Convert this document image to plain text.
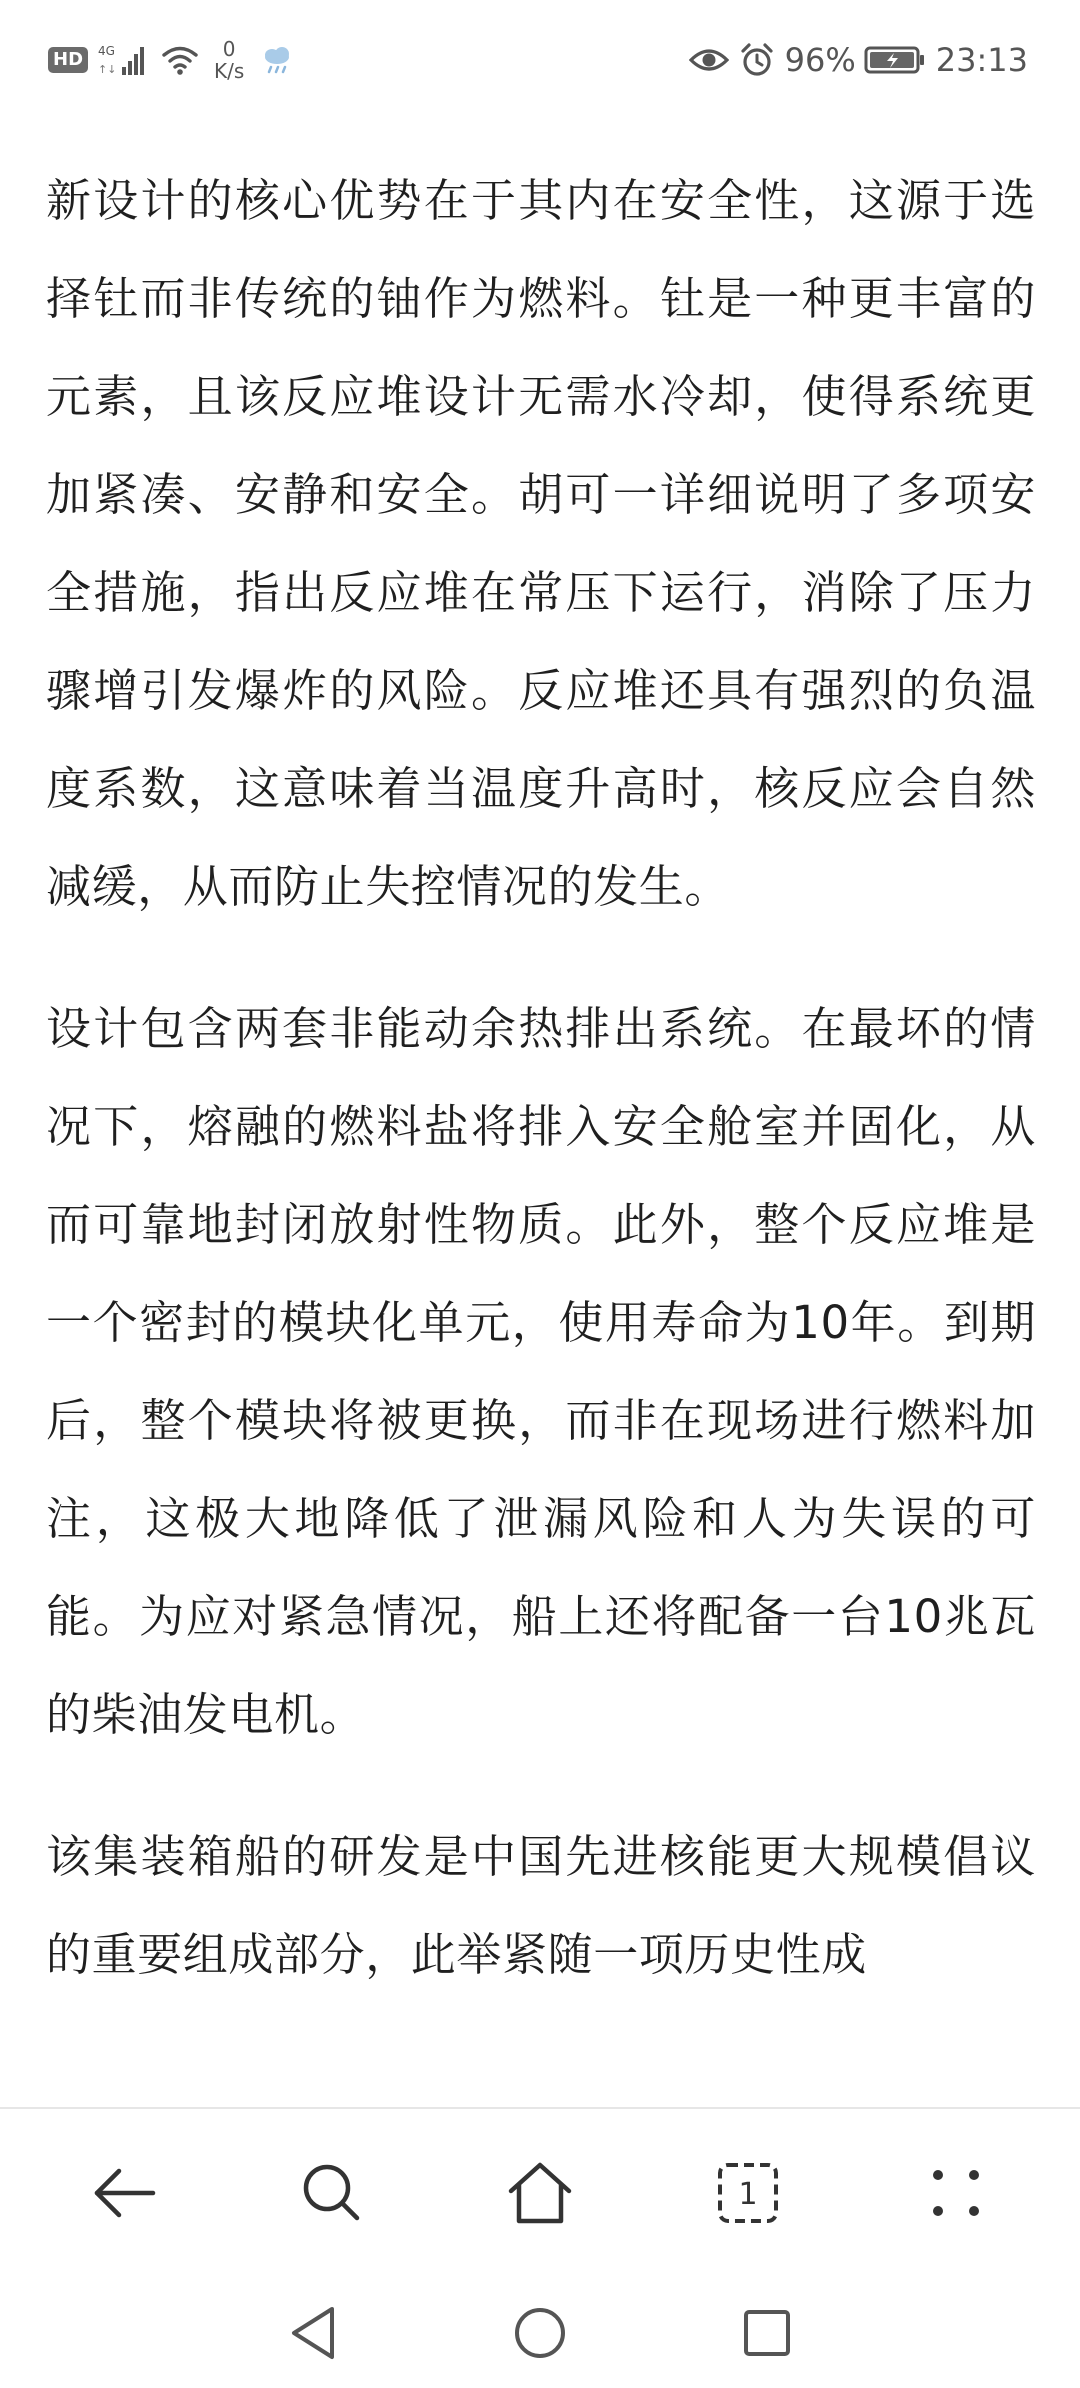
HD	4G
↑↓
0
K/s	96%	23:13

新设计的核心优势在于其内在安全性，这源于选择钍而非传统的铀作为燃料。钍是一种更丰富的元素，且该反应堆设计无需水冷却，使得系统更加紧凑、安静和安全。胡可一详细说明了多项安全措施，指出反应堆在常压下运行，消除了压力骤增引发爆炸的风险。反应堆还具有强烈的负温度系数，这意味着当温度升高时，核反应会自然减缓，从而防止失控情况的发生。

设计包含两套非能动余热排出系统。在最坏的情况下，熔融的燃料盐将排入安全舱室并固化，从而可靠地封闭放射性物质。此外，整个反应堆是一个密封的模块化单元，使用寿命为10年。到期后，整个模块将被更换，而非在现场进行燃料加注，这极大地降低了泄漏风险和人为失误的可能。为应对紧急情况，船上还将配备一台10兆瓦的柴油发电机。

该集装箱船的研发是中国先进核能更大规模倡议的重要组成部分，此举紧随一项历史性成

1
